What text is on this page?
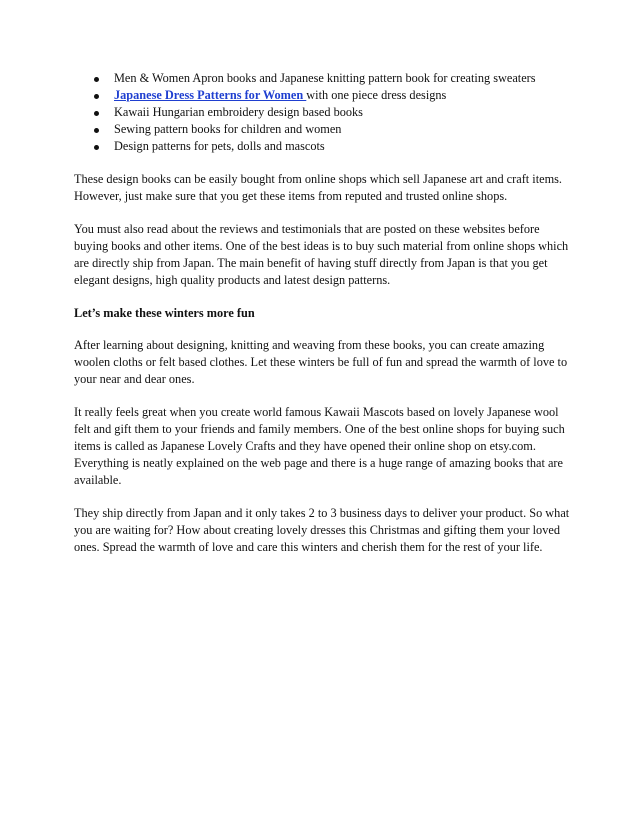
Men & Women Apron books and Japanese knitting pattern book for creating sweaters
Japanese Dress Patterns for Women with one piece dress designs
Kawaii Hungarian embroidery design based books
Sewing pattern books for children and women
Design patterns for pets, dolls and mascots

These design books can be easily bought from online shops which sell Japanese art and craft items. However, just make sure that you get these items from reputed and trusted online shops.

You must also read about the reviews and testimonials that are posted on these websites before buying books and other items. One of the best ideas is to buy such material from online shops which are directly ship from Japan. The main benefit of having stuff directly from Japan is that you get elegant designs, high quality products and latest design patterns.

Let’s make these winters more fun

After learning about designing, knitting and weaving from these books, you can create amazing woolen cloths or felt based clothes. Let these winters be full of fun and spread the warmth of love to your near and dear ones.

It really feels great when you create world famous Kawaii Mascots based on lovely Japanese wool felt and gift them to your friends and family members. One of the best online shops for buying such items is called as Japanese Lovely Crafts and they have opened their online shop on etsy.com. Everything is neatly explained on the web page and there is a huge range of amazing books that are available.

They ship directly from Japan and it only takes 2 to 3 business days to deliver your product. So what you are waiting for? How about creating lovely dresses this Christmas and gifting them your loved ones. Spread the warmth of love and care this winters and cherish them for the rest of your life.
